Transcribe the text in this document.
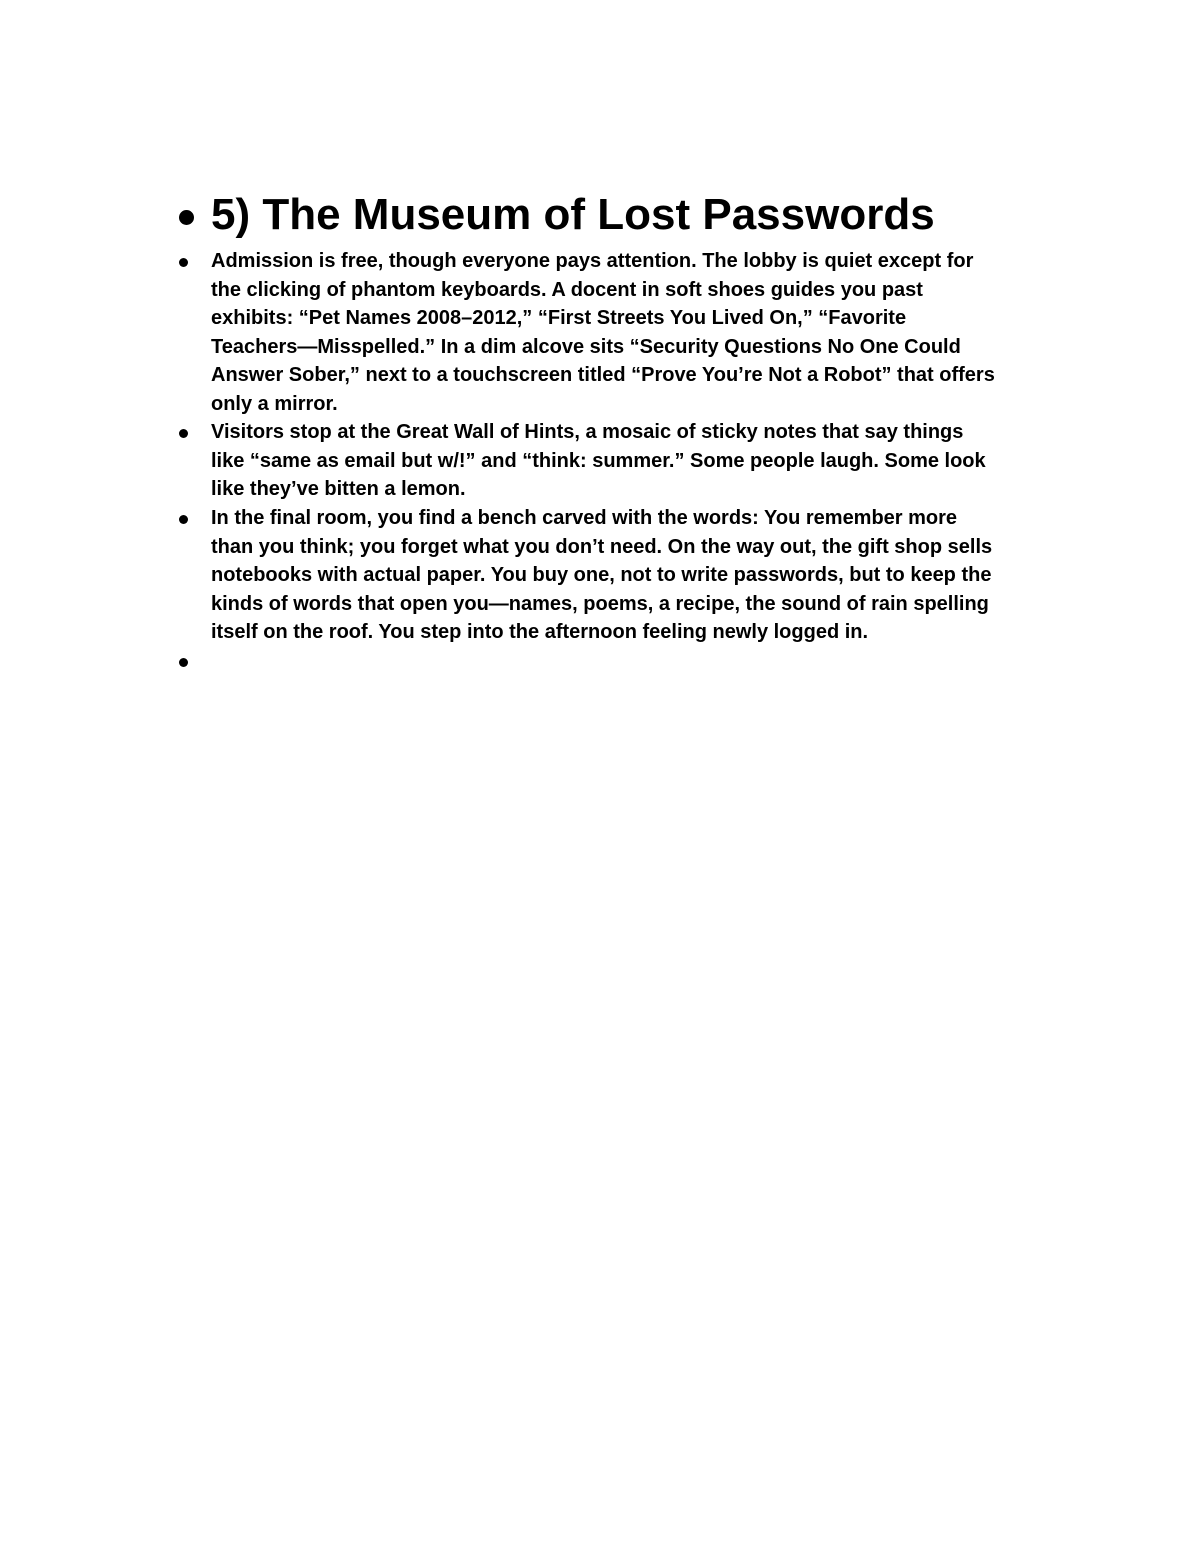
5) The Museum of Lost Passwords
Admission is free, though everyone pays attention. The lobby is quiet except for
the clicking of phantom keyboards. A docent in soft shoes guides you past
exhibits: “Pet Names 2008–2012,” “First Streets You Lived On,” “Favorite
Teachers—Misspelled.” In a dim alcove sits “Security Questions No One Could
Answer Sober,” next to a touchscreen titled “Prove You’re Not a Robot” that offers
only a mirror.
Visitors stop at the Great Wall of Hints, a mosaic of sticky notes that say things
like “same as email but w/!” and “think: summer.” Some people laugh. Some look
like they’ve bitten a lemon.
In the final room, you find a bench carved with the words: You remember more
than you think; you forget what you don’t need. On the way out, the gift shop sells
notebooks with actual paper. You buy one, not to write passwords, but to keep the
kinds of words that open you—names, poems, a recipe, the sound of rain spelling
itself on the roof. You step into the afternoon feeling newly logged in.
